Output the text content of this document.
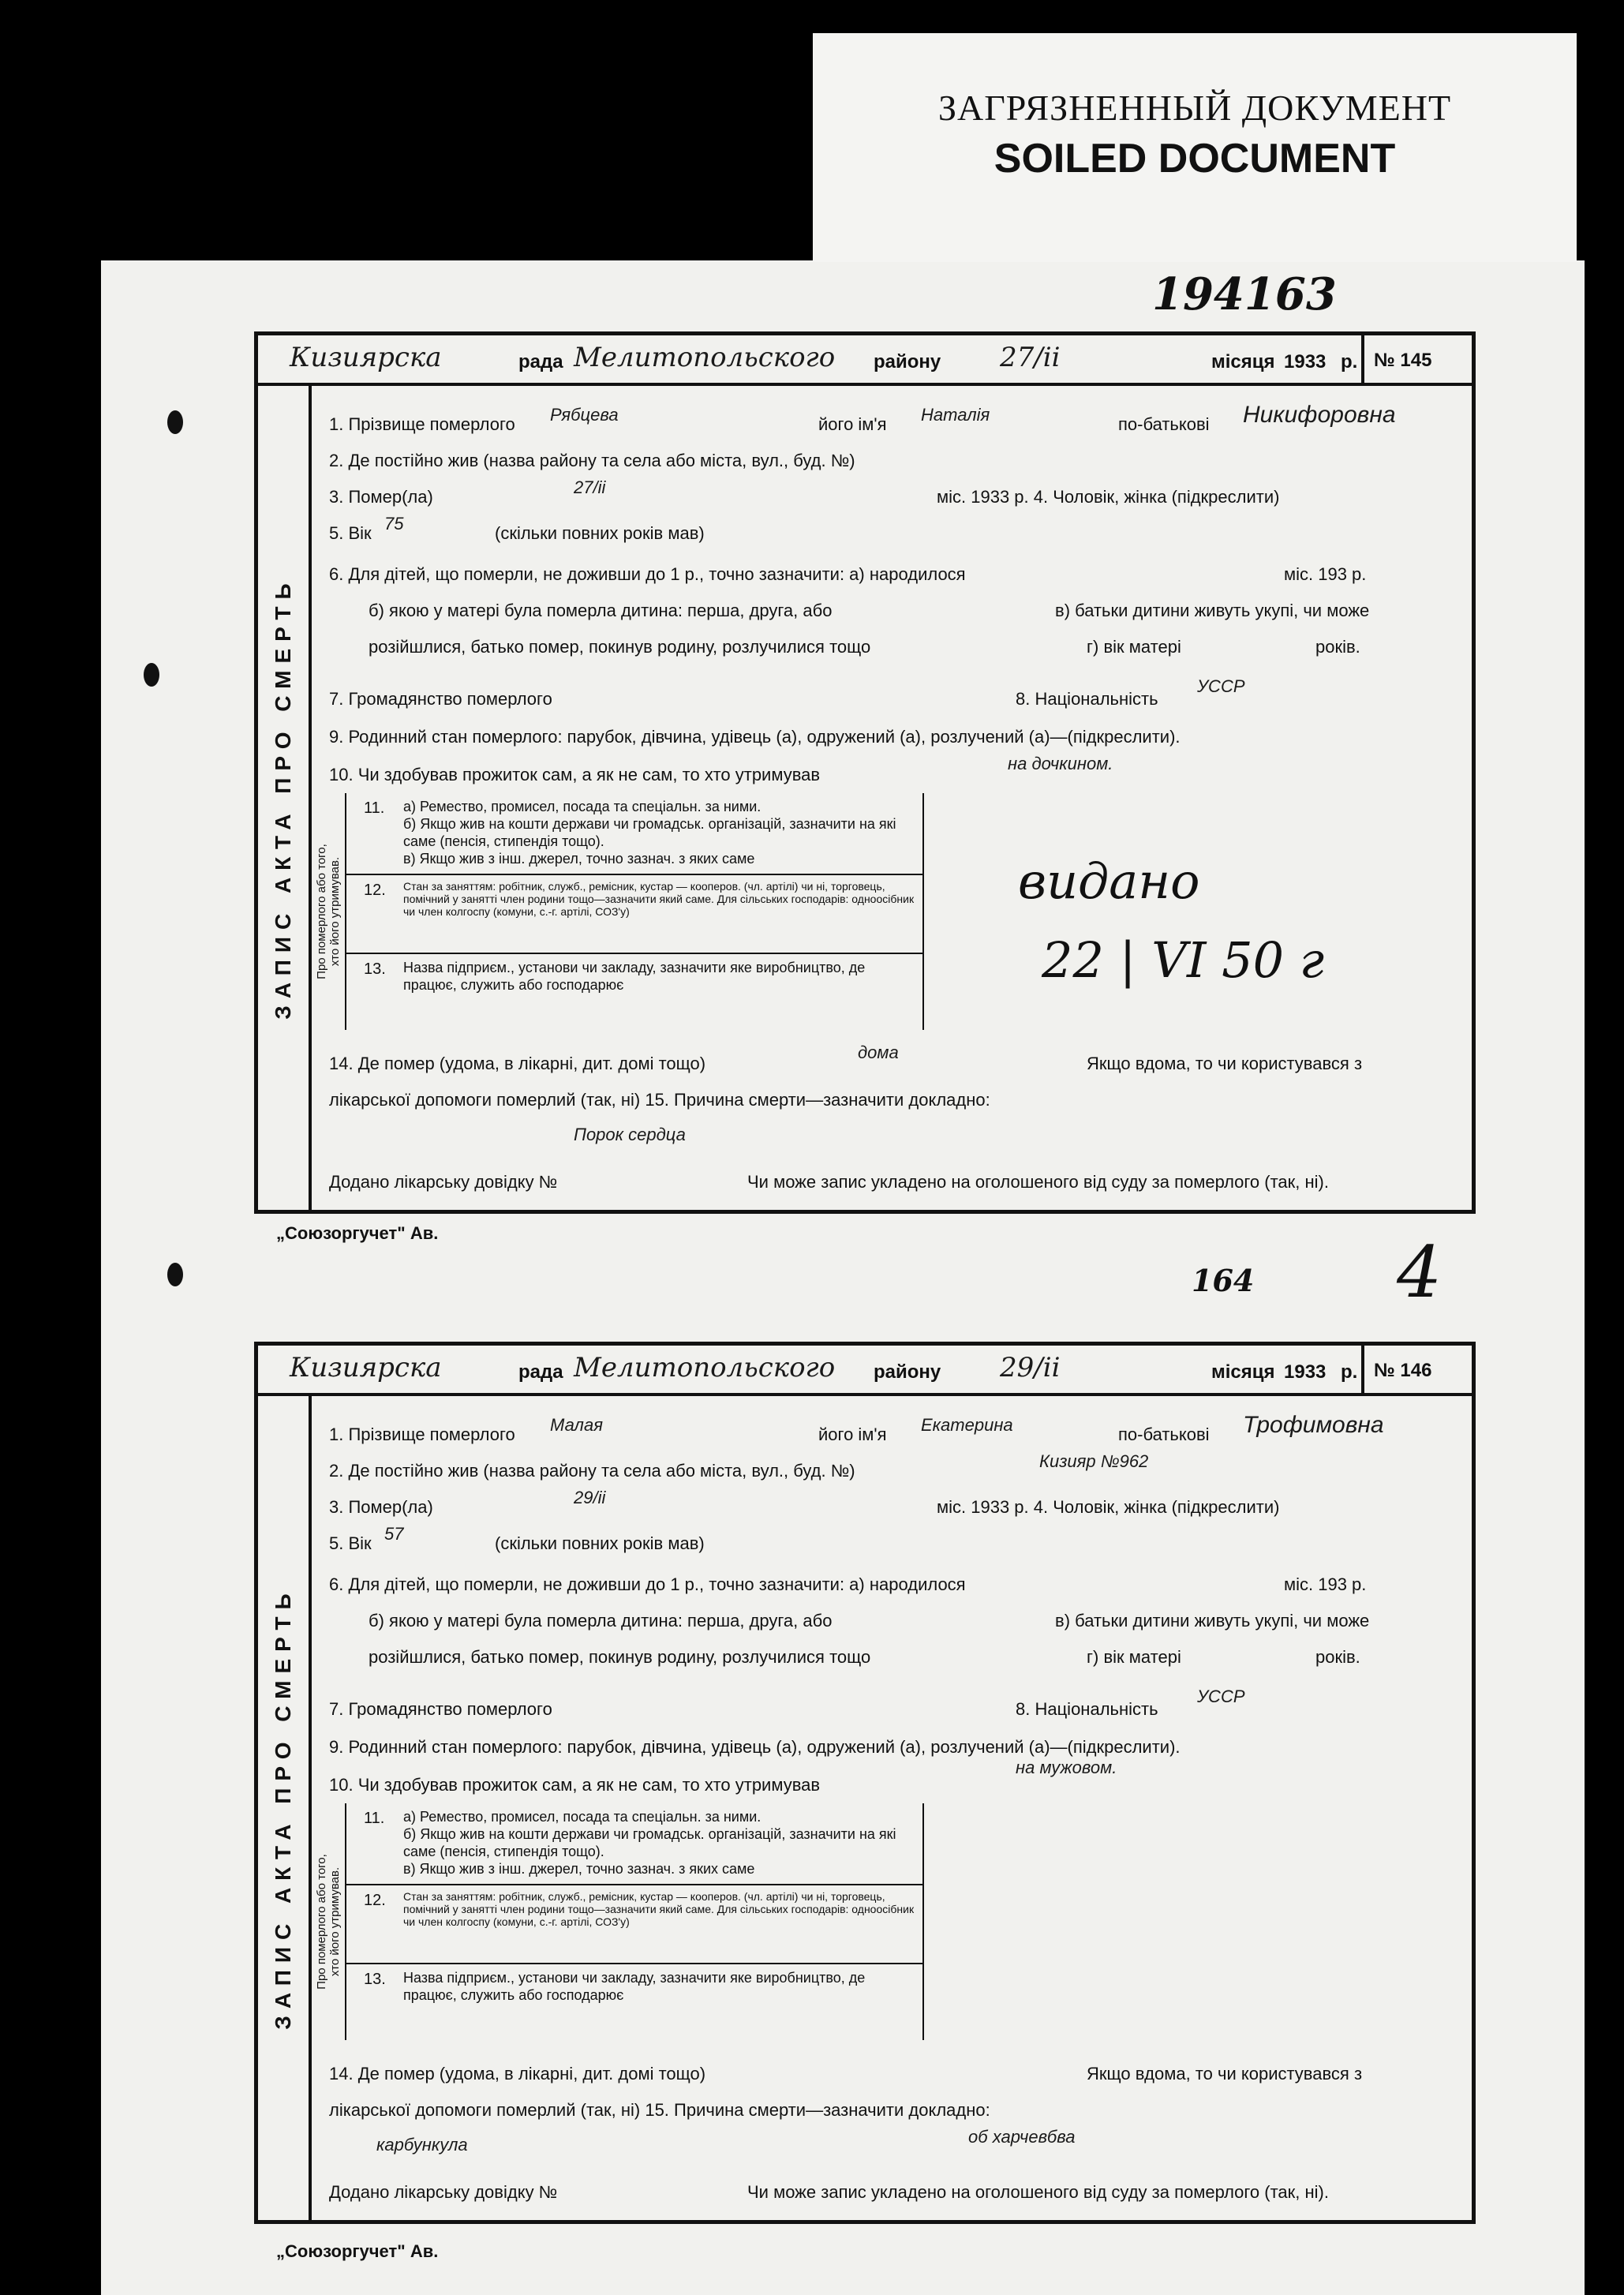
ЗАГРЯЗНЕННЫЙ ДОКУМЕНТ
SOILED DOCUMENT
194163
видано
22 | VI 50 г
164 4
Кизиярска	рада Мелитопольского району 27/ii	місяця 1933 р. № 145
ЗАПИС АКТА ПРО СМЕРТЬ
1. Прізвище померлого Рябцева	його ім'я Наталія	по-батькові Никифоровна
2. Де постійно жив (назва району та села або міста, вул., буд. №)
3. Помер(ла)	27/ii	міс. 1933 р. 4. Чоловік, жінка (підкреслити)
5. Вік 75	(скільки повних років мав)
6. Для дітей, що померли, не доживши до 1 р., точно зазначити: а) народилося	міс. 193 р.
б) якою у матері була померла дитина: перша, друга, або	в) батьки дитини живуть укупі, чи може
розійшлися, батько помер, покинув родину, розлучилися тощо	г) вік матері	років.
7. Громадянство померлого	8. Національність
УССР
9. Родинний стан померлого: парубок, дівчина, удівець (а), одружений (а), розлучений (а)—(підкреслити).
10. Чи здобував прожиток сам, а як не сам, то хто утримував
на дочкином.
Про померлого або того,
хто його утримував.
11. а) Ремество, промисел, посада та спеціальн. за ними.
б) Якщо жив на кошти держави чи громадськ. організацій, зазначити на які саме (пенсія, стипендія тощо).
в) Якщо жив з інш. джерел, точно зазнач. з яких саме
12. Стан за заняттям: робітник, служб., ремісник, кустар — кооперов. (чл. артілі) чи ні, торговець, помічний у занятті член родини тощо—зазначити який саме. Для сільських господарів: одноосібник чи член колгоспу (комуни, с.-г. артілі, СОЗ'у)
13. Назва підприєм., установи чи закладу, зазначити яке виробництво, де працює, служить або господарює
14. Де помер (удома, в лікарні, дит. домі тощо)
дома
Якщо вдома, то чи користувався з
лікарської допомоги померлий (так, ні) 15. Причина смерти—зазначити докладно:
Порок сердца
Додано лікарську довідку №	Чи може запис укладено на оголошеного від суду за померлого (так, ні).
„Союзоргучет" Ав.
Кизиярска	рада Мелитопольского району 29/ii	місяця 1933 р. № 146
ЗАПИС АКТА ПРО СМЕРТЬ
1. Прізвище померлого Малая	його ім'я Екатерина	по-батькові Трофимовна
2. Де постійно жив (назва району та села або міста, вул., буд. №)	Кизияр №962
3. Помер(ла)	29/ii	міс. 1933 р. 4. Чоловік, жінка (підкреслити)
5. Вік 57	(скільки повних років мав)
6. Для дітей, що померли, не доживши до 1 р., точно зазначити: а) народилося	міс. 193 р.
б) якою у матері була померла дитина: перша, друга, або	в) батьки дитини живуть укупі, чи може
розійшлися, батько помер, покинув родину, розлучилися тощо	г) вік матері	років.
7. Громадянство померлого	8. Національність
УССР
9. Родинний стан померлого: парубок, дівчина, удівець (а), одружений (а), розлучений (а)—(підкреслити).
10. Чи здобував прожиток сам, а як не сам, то хто утримував
на мужовом.
Про померлого або того,
хто його утримував.
11. а) Ремество, промисел, посада та спеціальн. за ними.
б) Якщо жив на кошти держави чи громадськ. організацій, зазначити на які саме (пенсія, стипендія тощо).
в) Якщо жив з інш. джерел, точно зазнач. з яких саме
12. Стан за заняттям: робітник, служб., ремісник, кустар — кооперов. (чл. артілі) чи ні, торговець, помічний у занятті член родини тощо—зазначити який саме. Для сільських господарів: одноосібник чи член колгоспу (комуни, с.-г. артілі, СОЗ'у)
13. Назва підприєм., установи чи закладу, зазначити яке виробництво, де працює, служить або господарює
14. Де помер (удома, в лікарні, дит. домі тощо)	Якщо вдома, то чи користувався з
лікарської допомоги померлий (так, ні) 15. Причина смерти—зазначити докладно:
карбункула	об харчевбва
Додано лікарську довідку №	Чи може запис укладено на оголошеного від суду за померлого (так, ні).
„Союзоргучет" Ав.
